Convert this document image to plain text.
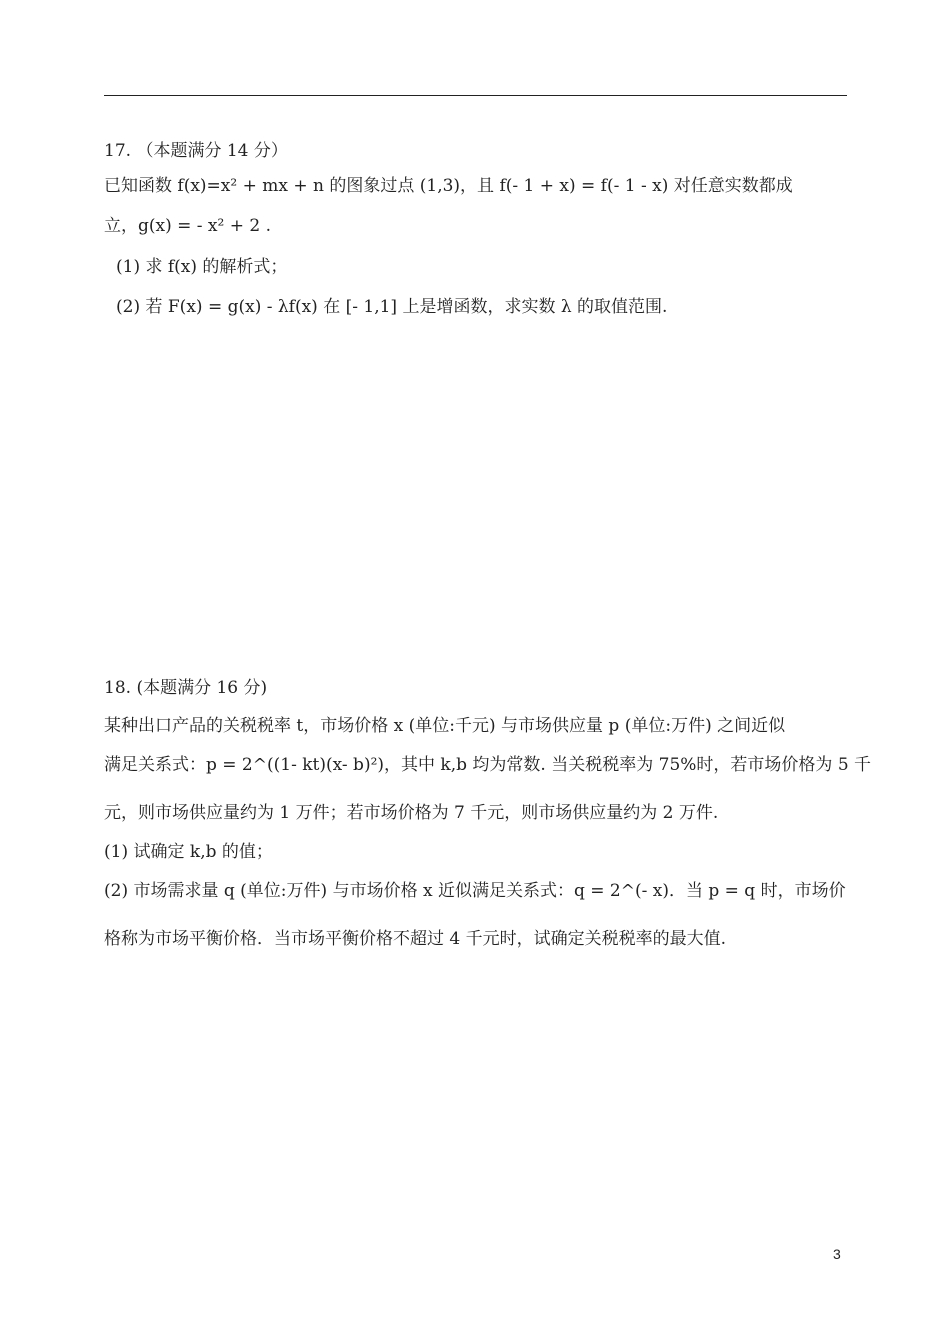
17. （本题满分 14 分）
已知函数 f(x)=x² + mx + n 的图象过点 (1,3)，且 f(- 1 + x) = f(- 1 - x) 对任意实数都成
立，g(x) = - x² + 2 .
(1) 求 f(x) 的解析式；
(2) 若 F(x) = g(x) - λf(x) 在 [- 1,1] 上是增函数，求实数 λ 的取值范围.
18. (本题满分 16 分)
某种出口产品的关税税率 t，市场价格 x (单位:千元) 与市场供应量 p (单位:万件) 之间近似
满足关系式：p = 2^((1- kt)(x- b)²)，其中 k,b 均为常数. 当关税税率为 75%时，若市场价格为 5 千
元，则市场供应量约为 1 万件；若市场价格为 7 千元，则市场供应量约为 2 万件.
(1) 试确定 k,b 的值；
(2) 市场需求量 q (单位:万件) 与市场价格 x 近似满足关系式：q = 2^(- x)．当 p = q 时，市场价
格称为市场平衡价格．当市场平衡价格不超过 4 千元时，试确定关税税率的最大值.
3
